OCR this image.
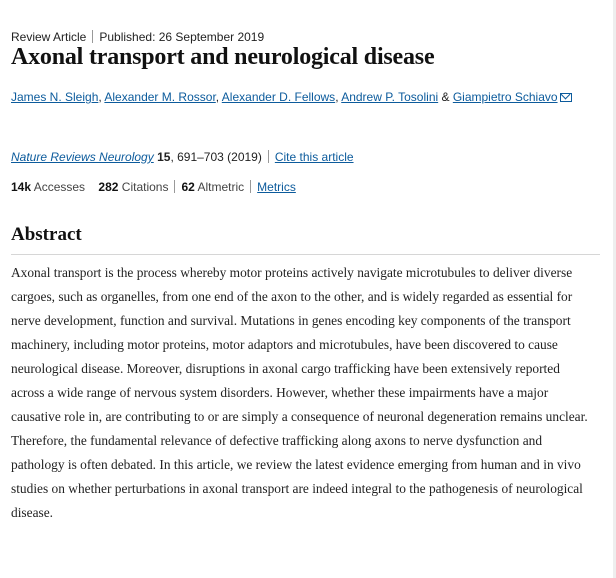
Review Article Published: 26 September 2019
Axonal transport and neurological disease
James N. Sleigh, Alexander M. Rossor, Alexander D. Fellows, Andrew P. Tosolini & Giampietro Schiavo
Nature Reviews Neurology 15, 691–703 (2019) Cite this article
14k Accesses 282 Citations 62 Altmetric Metrics
Abstract

Axonal transport is the process whereby motor proteins actively navigate microtubules to deliver diverse cargoes, such as organelles, from one end of the axon to the other, and is widely regarded as essential for nerve development, function and survival. Mutations in genes encoding key components of the transport machinery, including motor proteins, motor adaptors and microtubules, have been discovered to cause neurological disease. Moreover, disruptions in axonal cargo trafficking have been extensively reported across a wide range of nervous system disorders. However, whether these impairments have a major causative role in, are contributing to or are simply a consequence of neuronal degeneration remains unclear. Therefore, the fundamental relevance of defective trafficking along axons to nerve dysfunction and pathology is often debated. In this article, we review the latest evidence emerging from human and in vivo studies on whether perturbations in axonal transport are indeed integral to the pathogenesis of neurological disease.
